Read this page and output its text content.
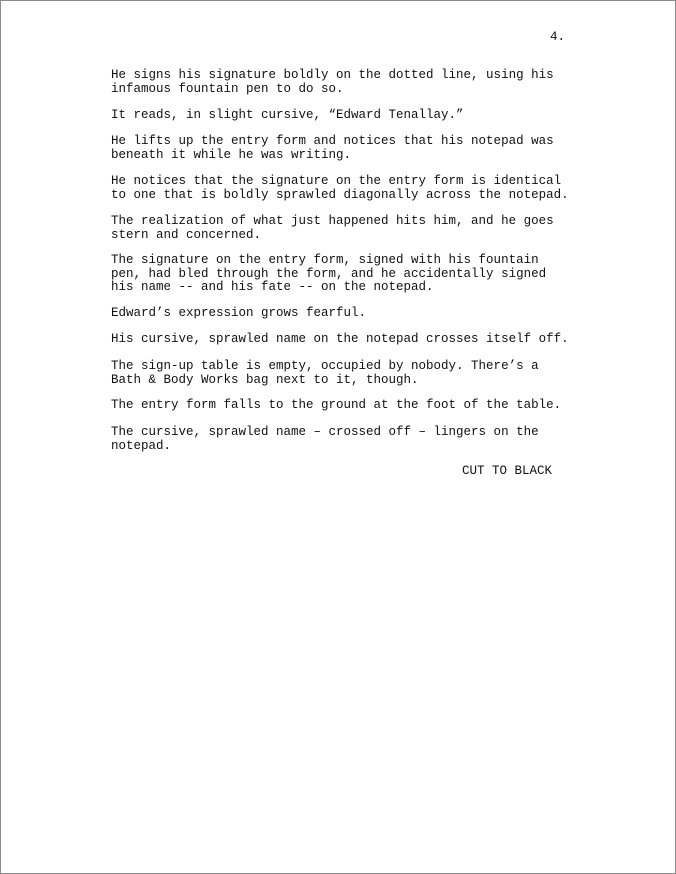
4.
He signs his signature boldly on the dotted line, using his
infamous fountain pen to do so.
It reads, in slight cursive, “Edward Tenallay.”
He lifts up the entry form and notices that his notepad was
beneath it while he was writing.
He notices that the signature on the entry form is identical
to one that is boldly sprawled diagonally across the notepad.
The realization of what just happened hits him, and he goes
stern and concerned.
The signature on the entry form, signed with his fountain
pen, had bled through the form, and he accidentally signed
his name -- and his fate -- on the notepad.
Edward’s expression grows fearful.
His cursive, sprawled name on the notepad crosses itself off.
The sign-up table is empty, occupied by nobody. There’s a
Bath & Body Works bag next to it, though.
The entry form falls to the ground at the foot of the table.
The cursive, sprawled name – crossed off – lingers on the
notepad.
CUT TO BLACK
